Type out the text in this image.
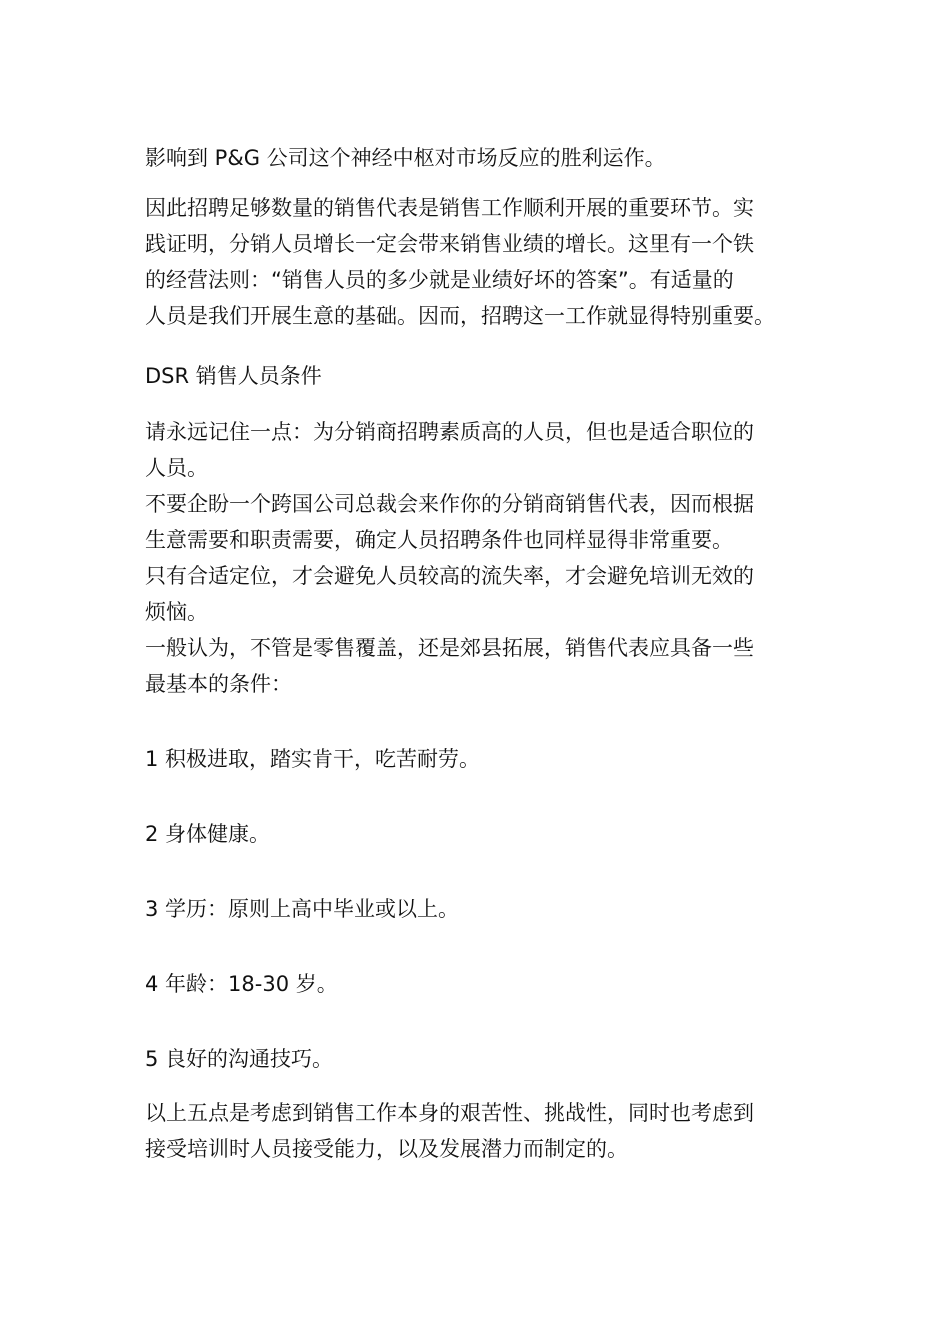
影响到 P&G 公司这个神经中枢对市场反应的胜利运作。
因此招聘足够数量的销售代表是销售工作顺利开展的重要环节。实
践证明，分销人员增长一定会带来销售业绩的增长。这里有一个铁
的经营法则：“销售人员的多少就是业绩好坏的答案”。有适量的
人员是我们开展生意的基础。因而，招聘这一工作就显得特别重要。
DSR 销售人员条件
请永远记住一点：为分销商招聘素质高的人员，但也是适合职位的
人员。
不要企盼一个跨国公司总裁会来作你的分销商销售代表，因而根据
生意需要和职责需要，确定人员招聘条件也同样显得非常重要。
只有合适定位，才会避免人员较高的流失率，才会避免培训无效的
烦恼。
一般认为，不管是零售覆盖，还是郊县拓展，销售代表应具备一些
最基本的条件：
1 积极进取，踏实肯干，吃苦耐劳。
2 身体健康。
3 学历：原则上高中毕业或以上。
4 年龄：18-30 岁。
5 良好的沟通技巧。
以上五点是考虑到销售工作本身的艰苦性、挑战性，同时也考虑到
接受培训时人员接受能力，以及发展潜力而制定的。
